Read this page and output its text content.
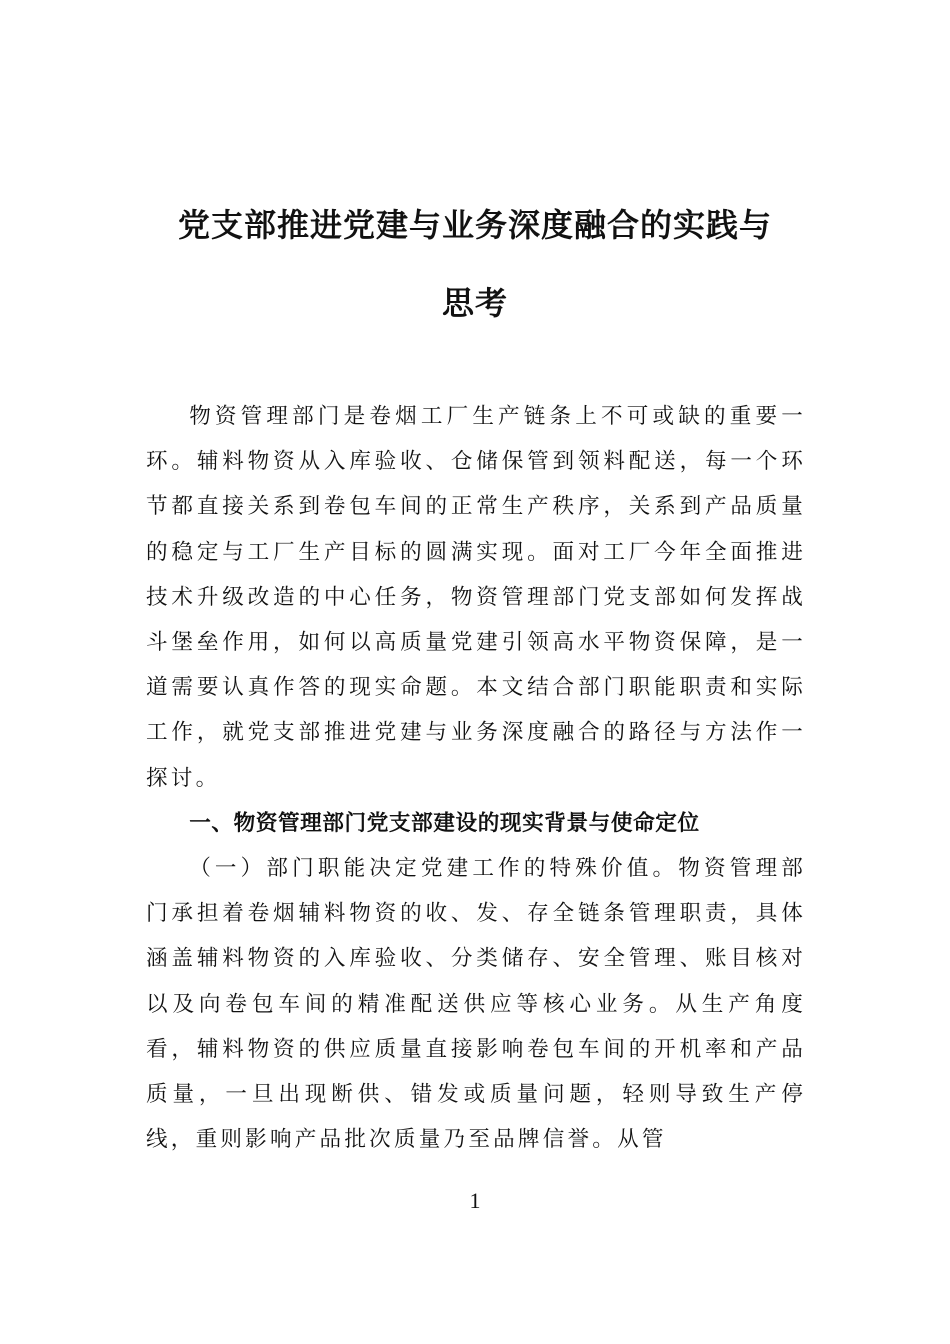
党支部推进党建与业务深度融合的实践与
思考

物资管理部门是卷烟工厂生产链条上不可或缺的重要一环。辅料物资从入库验收、仓储保管到领料配送，每一个环节都直接关系到卷包车间的正常生产秩序，关系到产品质量的稳定与工厂生产目标的圆满实现。面对工厂今年全面推进技术升级改造的中心任务，物资管理部门党支部如何发挥战斗堡垒作用，如何以高质量党建引领高水平物资保障，是一道需要认真作答的现实命题。本文结合部门职能职责和实际工作，就党支部推进党建与业务深度融合的路径与方法作一探讨。

一、物资管理部门党支部建设的现实背景与使命定位

（一）部门职能决定党建工作的特殊价值。物资管理部门承担着卷烟辅料物资的收、发、存全链条管理职责，具体涵盖辅料物资的入库验收、分类储存、安全管理、账目核对以及向卷包车间的精准配送供应等核心业务。从生产角度看，辅料物资的供应质量直接影响卷包车间的开机率和产品质量，一旦出现断供、错发或质量问题，轻则导致生产停线，重则影响产品批次质量乃至品牌信誉。从管

1
